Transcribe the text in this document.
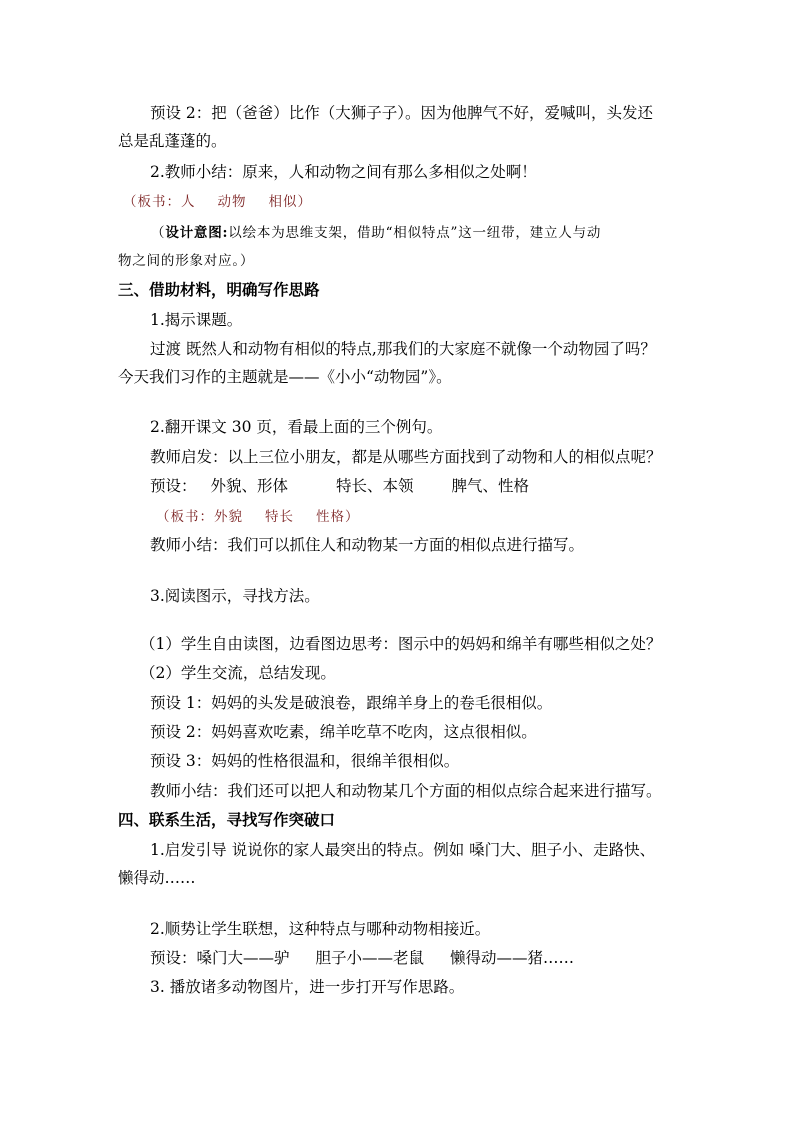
预设 2：把（爸爸）比作（大狮子子）。因为他脾气不好，爱喊叫，头发还
总是乱蓬蓬的。
2.教师小结：原来，人和动物之间有那么多相似之处啊！
（板书：人 动物 相似）
（设计意图:以绘本为思维支架，借助“相似特点”这一纽带，建立人与动
物之间的形象对应。）
三、借助材料，明确写作思路
1.揭示课题。
过渡 既然人和动物有相似的特点,那我们的大家庭不就像一个动物园了吗？
今天我们习作的主题就是——《小小“动物园”》。
2.翻开课文 30 页，看最上面的三个例句。
教师启发：以上三位小朋友，都是从哪些方面找到了动物和人的相似点呢？
预设： 外貌、形体	特长、本领 脾气、性格
（板书：外貌 特长 性格）
教师小结：我们可以抓住人和动物某一方面的相似点进行描写。
3.阅读图示，寻找方法。
（1）学生自由读图，边看图边思考：图示中的妈妈和绵羊有哪些相似之处？
（2）学生交流，总结发现。
预设 1：妈妈的头发是破浪卷，跟绵羊身上的卷毛很相似。
预设 2：妈妈喜欢吃素，绵羊吃草不吃肉，这点很相似。
预设 3：妈妈的性格很温和，很绵羊很相似。
教师小结：我们还可以把人和动物某几个方面的相似点综合起来进行描写。
四、联系生活，寻找写作突破口
1.启发引导 说说你的家人最突出的特点。例如 嗓门大、胆子小、走路快、
懒得动……
2.顺势让学生联想，这种特点与哪种动物相接近。
预设：嗓门大——驴 胆子小——老鼠 懒得动——猪……
3. 播放诸多动物图片，进一步打开写作思路。
